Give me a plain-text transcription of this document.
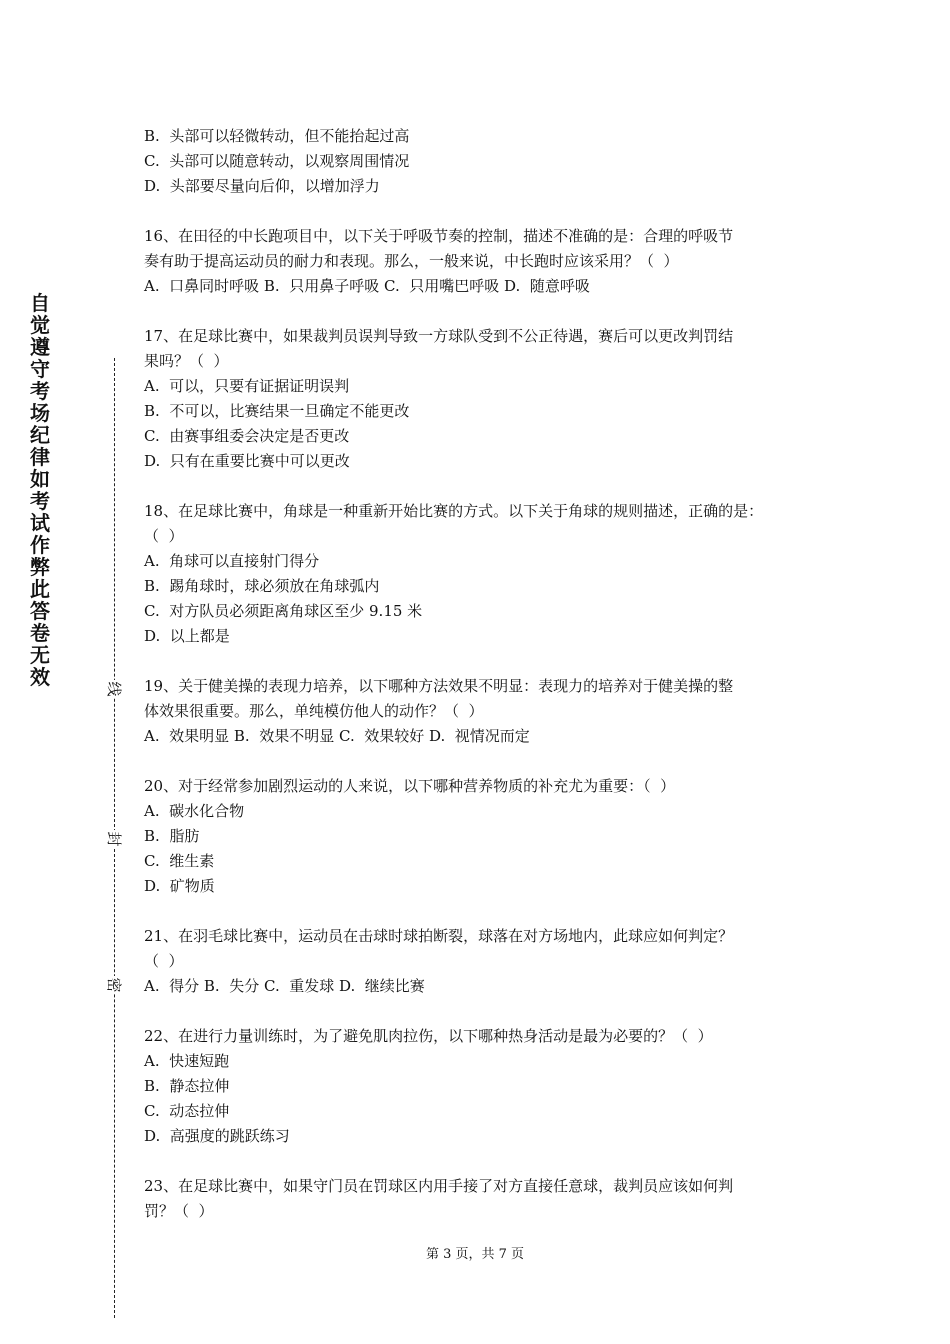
自觉遵守考场纪律如考试作弊此答卷无效	线
封
密
B.  头部可以轻微转动，但不能抬起过高
C.  头部可以随意转动，以观察周围情况
D.  头部要尽量向后仰，以增加浮力
16、在田径的中长跑项目中，以下关于呼吸节奏的控制，描述不准确的是：合理的呼吸节
奏有助于提高运动员的耐力和表现。那么，一般来说，中长跑时应该采用？（  ）
A.  口鼻同时呼吸 B.  只用鼻子呼吸 C.  只用嘴巴呼吸 D.  随意呼吸
17、在足球比赛中，如果裁判员误判导致一方球队受到不公正待遇，赛后可以更改判罚结
果吗？（  ）
A.  可以，只要有证据证明误判
B.  不可以，比赛结果一旦确定不能更改
C.  由赛事组委会决定是否更改
D.  只有在重要比赛中可以更改
18、在足球比赛中，角球是一种重新开始比赛的方式。以下关于角球的规则描述，正确的是：
（  ）
A.  角球可以直接射门得分
B.  踢角球时，球必须放在角球弧内
C.  对方队员必须距离角球区至少 9.15 米
D.  以上都是
19、关于健美操的表现力培养，以下哪种方法效果不明显：表现力的培养对于健美操的整
体效果很重要。那么，单纯模仿他人的动作？（  ）
A.  效果明显 B.  效果不明显 C.  效果较好 D.  视情况而定
20、对于经常参加剧烈运动的人来说，以下哪种营养物质的补充尤为重要：（  ）
A.  碳水化合物
B.  脂肪
C.  维生素
D.  矿物质
21、在羽毛球比赛中，运动员在击球时球拍断裂，球落在对方场地内，此球应如何判定？
（  ）
A.  得分 B.  失分 C.  重发球 D.  继续比赛
22、在进行力量训练时，为了避免肌肉拉伤，以下哪种热身活动是最为必要的？（  ）
A.  快速短跑
B.  静态拉伸
C.  动态拉伸
D.  高强度的跳跃练习
23、在足球比赛中，如果守门员在罚球区内用手接了对方直接任意球，裁判员应该如何判
罚？（  ）
第 3 页，共 7 页
